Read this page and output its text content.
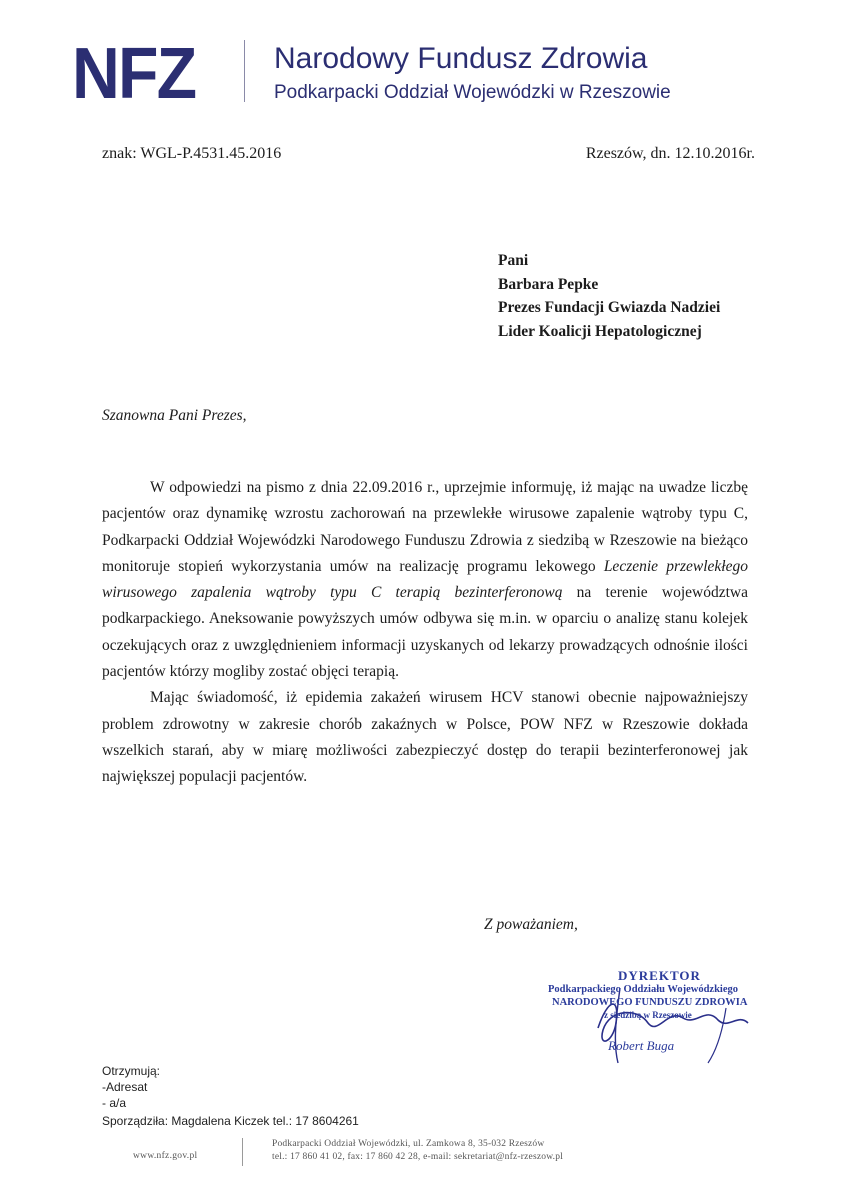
NFZ	Narodowy Fundusz Zdrowia
Podkarpacki Oddział Wojewódzki w Rzeszowie
znak: WGL-P.4531.45.2016	Rzeszów, dn. 12.10.2016r.
Pani
Barbara Pepke
Prezes Fundacji Gwiazda Nadziei
Lider Koalicji Hepatologicznej
Szanowna Pani Prezes,

W odpowiedzi na pismo z dnia 22.09.2016 r., uprzejmie informuję, iż mając na uwadze liczbę pacjentów oraz dynamikę wzrostu zachorowań na przewlekłe wirusowe zapalenie wątroby typu C, Podkarpacki Oddział Wojewódzki Narodowego Funduszu Zdrowia z siedzibą w Rzeszowie na bieżąco monitoruje stopień wykorzystania umów na realizację programu lekowego Leczenie przewlekłego wirusowego zapalenia wątroby typu C terapią bezinterferonową na terenie województwa podkarpackiego. Aneksowanie powyższych umów odbywa się m.in. w oparciu o analizę stanu kolejek oczekujących oraz z uwzględnieniem informacji uzyskanych od lekarzy prowadzących odnośnie ilości pacjentów którzy mogliby zostać objęci terapią.

Mając świadomość, iż epidemia zakażeń wirusem HCV stanowi obecnie najpoważniejszy problem zdrowotny w zakresie chorób zakaźnych w Polsce, POW NFZ w Rzeszowie dokłada wszelkich starań, aby w miarę możliwości zabezpieczyć dostęp do terapii bezinterferonowej jak największej populacji pacjentów.

Z poważaniem,
DYREKTOR
Podkarpackiego Oddziału Wojewódzkiego
NARODOWEGO FUNDUSZU ZDROWIA
z siedzibą w Rzeszowie
Robert Buga
Otrzymują:
-Adresat
- a/a
Sporządziła: Magdalena Kiczek tel.: 17 8604261
www.nfz.gov.pl
Podkarpacki Oddział Wojewódzki, ul. Zamkowa 8, 35-032 Rzeszów
tel.: 17 860 41 02, fax: 17 860 42 28, e-mail: sekretariat@nfz-rzeszow.pl
